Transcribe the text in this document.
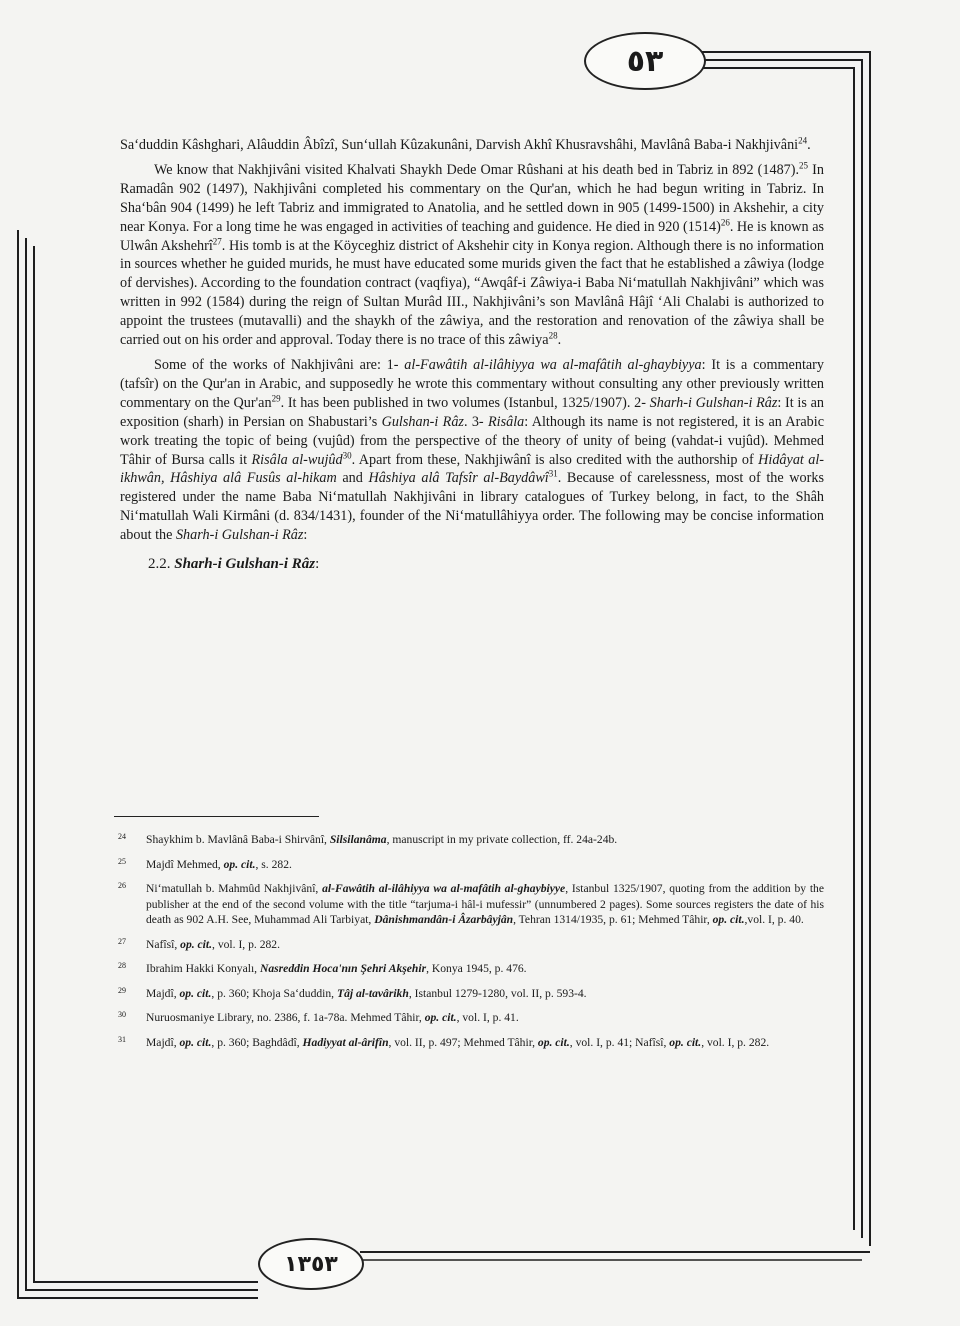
٥٣
١٣٥٣

Sa‘duddin Kâshghari, Alâuddin Âbîzî, Sun‘ullah Kûzakunâni, Darvish Akhî Khusravshâhi, Mavlânâ Baba-i Nakhjivâni$^{24}$.

We know that Nakhjivâni visited Khalvati Shaykh Dede Omar Rûshani at his death bed in Tabriz in 892 (1487).$^{25}$ In Ramadân 902 (1497), Nakhjivâni completed his commentary on the Qur'an, which he had begun writing in Tabriz. In Sha‘bân 904 (1499) he left Tabriz and immigrated to Anatolia, and he settled down in 905 (1499-1500) in Akshehir, a city near Konya. For a long time he was engaged in activities of teaching and guidence. He died in 920 $(1514)^{26}$. He is known as Ulwân Akshehrî$^{27}$. His tomb is at the Köyceghiz district of Akshehir city in Konya region. Although there is no information in sources whether he guided murids, he must have educated some murids given the fact that he established a zâwiya (lodge of dervishes). According to the foundation contract (vaqfiya), “Awqâf-i Zâwiya-i Baba Ni‘matullah Nakhjivâni” which was written in 992 (1584) during the reign of Sultan Murâd III., Nakhjivâni’s son Mavlânâ Hâjî ‘Ali Chalabi is authorized to appoint the trustees (mutavalli) and the shaykh of the zâwiya, and the restoration and renovation of the zâwiya shall be carried out on his order and approval. Today there is no trace of this zâwiya$^{28}$.

Some of the works of Nakhjivâni are: 1- al-Fawâtih al-ilâhiyya wa al-mafâtih al-ghaybiyya: It is a commentary (tafsîr) on the Qur'an in Arabic, and supposedly he wrote this commentary without consulting any other previously written commentary on the $Qur'an^{29}$. It has been published in two volumes (Istanbul, 1325/1907). 2- Sharh-i Gulshan-i Râz: It is an exposition (sharh) in Persian on Shabustari’s Gulshan-i Râz. 3- Risâla: Although its name is not registered, it is an Arabic work treating the topic of being (vujûd) from the perspective of the theory of unity of being (vahdat-i vujûd). Mehmed Tâhir of Bursa calls it Risâla al-wujûd$^{30}$. Apart from these, Nakhjiwânî is also credited with the authorship of Hidâyat al-ikhwân, Hâshiya alâ Fusûs al-hikam and Hâshiya alâ Tafsîr al-Baydâwî$^{31}$. Because of carelessness, most of the works registered under the name Baba Ni‘matullah Nakhjivâni in library catalogues of Turkey belong, in fact, to the Shâh Ni‘matullah Wali Kirmâni (d. 834/1431), founder of the Ni‘matullâhiyya order. The following may be concise information about the Sharh-i Gulshan-i Râz:

2.2. Sharh-i Gulshan-i Râz:
24 Shaykhim b. Mavlânâ Baba-i Shirvânî, Silsilanâma, manuscript in my private collection, ff. 24a-24b.
25 Majdî Mehmed, op. cit., s. 282.
26 Ni‘matullah b. Mahmûd Nakhjivânî, al-Fawâtih al-ilâhiyya wa al-mafâtih al-ghaybiyye, Istanbul 1325/1907, quoting from the addition by the publisher at the end of the second volume with the title “tarjuma-i hâl-i mufessir” (unnumbered 2 pages). Some sources registers the date of his death as 902 A.H. See, Muhammad Ali Tarbiyat, Dânishmandân-i Âzarbâyjân, Tehran 1314/1935, p. 61; Mehmed Tâhir, op. cit.,vol. I, p. 40.
27 Nafîsî, op. cit., vol. I, p. 282.
28 Ibrahim Hakki Konyalı, Nasreddin Hoca'nın Şehri Akşehir, Konya 1945, p. 476.
29 Majdî, op. cit., p. 360; Khoja Sa‘duddin, Tâj al-tavârikh, Istanbul 1279-1280, vol. II, p. 593-4.
30 Nuruosmaniye Library, no. 2386, f. 1a-78a. Mehmed Tâhir, op. cit., vol. I, p. 41.
31 Majdî, op. cit., p. 360; Baghdâdî, Hadiyyat al-ârifîn, vol. II, p. 497; Mehmed Tâhir, op. cit., vol. I, p. 41; Nafîsî, op. cit., vol. I, p. 282.
